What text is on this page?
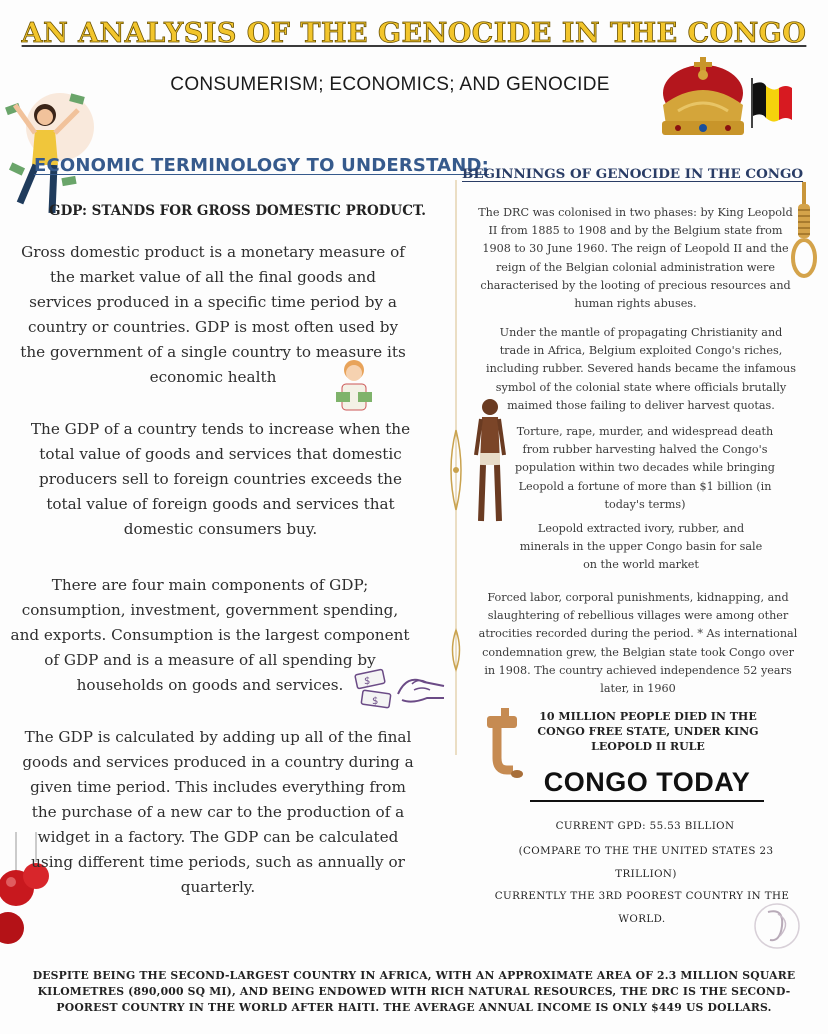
AN ANALYSIS OF THE GENOCIDE IN THE CONGO
CONSUMERISM; ECONOMICS; AND GENOCIDE
$
$
ECONOMIC TERMINOLOGY TO UNDERSTAND:
GDP: STANDS FOR GROSS DOMESTIC PRODUCT.

Gross domestic product is a monetary measure of the market value of all the final goods and services produced in a specific time period by a country or countries. GDP is most often used by the government of a single country to measure its economic health

The GDP of a country tends to increase when the total value of goods and services that domestic producers sell to foreign countries exceeds the total value of foreign goods and services that domestic consumers buy.

There are four main components of GDP; consumption, investment, government spending, and exports. Consumption is the largest component of GDP and is a measure of all spending by households on goods and services.

The GDP is calculated by adding up all of the final goods and services produced in a country during a given time period. This includes everything from the purchase of a new car to the production of a widget in a factory. The GDP can be calculated using different time periods, such as annually or quarterly.

BEGINNINGS OF GENOCIDE IN THE CONGO

The DRC was colonised in two phases: by King Leopold II from 1885 to 1908 and by the Belgium state from 1908 to 30 June 1960. The reign of Leopold II and the reign of the Belgian colonial administration were characterised by the looting of precious resources and human rights abuses.

Under the mantle of propagating Christianity and trade in Africa, Belgium exploited Congo's riches, including rubber. Severed hands became the infamous symbol of the colonial state where officials brutally maimed those failing to deliver harvest quotas.

Torture, rape, murder, and widespread death from rubber harvesting halved the Congo's population within two decades while bringing Leopold a fortune of more than $1 billion (in today's terms)

Leopold extracted ivory, rubber, and minerals in the upper Congo basin for sale on the world market

Forced labor, corporal punishments, kidnapping, and slaughtering of rebellious villages were among other atrocities recorded during the period. * As international condemnation grew, the Belgian state took Congo over in 1908. The country achieved independence 52 years later, in 1960

10 MILLION PEOPLE DIED IN THE CONGO FREE STATE, UNDER KING LEOPOLD II RULE

CONGO TODAY

CURRENT GPD: 55.53 BILLION

(COMPARE TO THE THE UNITED STATES 23 TRILLION)

CURRENTLY THE 3RD POOREST COUNTRY IN THE WORLD.

DESPITE BEING THE SECOND-LARGEST COUNTRY IN AFRICA, WITH AN APPROXIMATE AREA OF 2.3 MILLION SQUARE KILOMETRES (890,000 SQ MI), AND BEING ENDOWED WITH RICH NATURAL RESOURCES, THE DRC IS THE SECOND-POOREST COUNTRY IN THE WORLD AFTER HAITI. THE AVERAGE ANNUAL INCOME IS ONLY $449 US DOLLARS.
